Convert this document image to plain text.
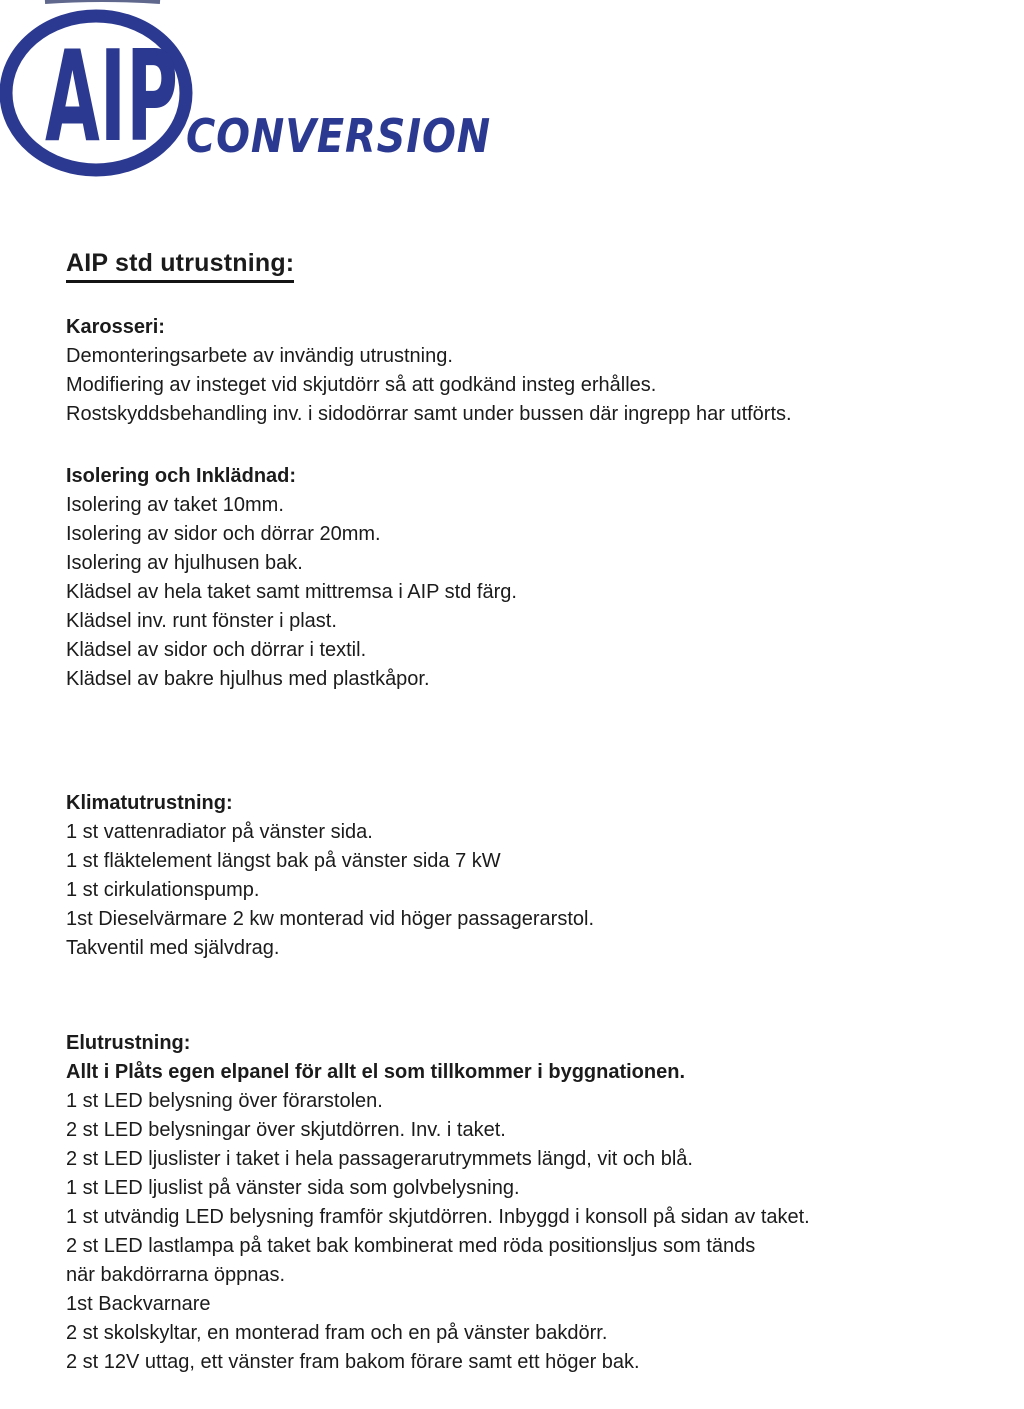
AIP CONVERSION
AIP std utrustning:
Karosseri:

Demonteringsarbete av invändig utrustning.

Modifiering av insteget vid skjutdörr så att godkänd insteg erhålles.

Rostskyddsbehandling inv. i sidodörrar samt under bussen där ingrepp har utförts.

Isolering och Inklädnad:

Isolering av taket 10mm.

Isolering av sidor och dörrar 20mm.

Isolering av hjulhusen bak.

Klädsel av hela taket samt mittremsa i AIP std färg.

Klädsel inv. runt fönster i plast.

Klädsel av sidor och dörrar i textil.

Klädsel av bakre hjulhus med plastkåpor.

Klimatutrustning:

1 st vattenradiator på vänster sida.

1 st fläktelement längst bak på vänster sida 7 kW

1 st cirkulationspump.

1st Dieselvärmare 2 kw monterad vid höger passagerarstol.

Takventil med självdrag.

Elutrustning:

Allt i Plåts egen elpanel för allt el som tillkommer i byggnationen.

1 st LED belysning över förarstolen.

2 st LED belysningar över skjutdörren. Inv. i taket.

2 st LED ljuslister i taket i hela passagerarutrymmets längd, vit och blå.

1 st LED ljuslist på vänster sida som golvbelysning.

1 st utvändig LED belysning framför skjutdörren. Inbyggd i konsoll på sidan av taket.

2 st LED lastlampa på taket bak kombinerat med röda positionsljus som tänds

när bakdörrarna öppnas.

1st Backvarnare

2 st skolskyltar, en monterad fram och en på vänster bakdörr.

2 st 12V uttag, ett vänster fram bakom förare samt ett höger bak.
